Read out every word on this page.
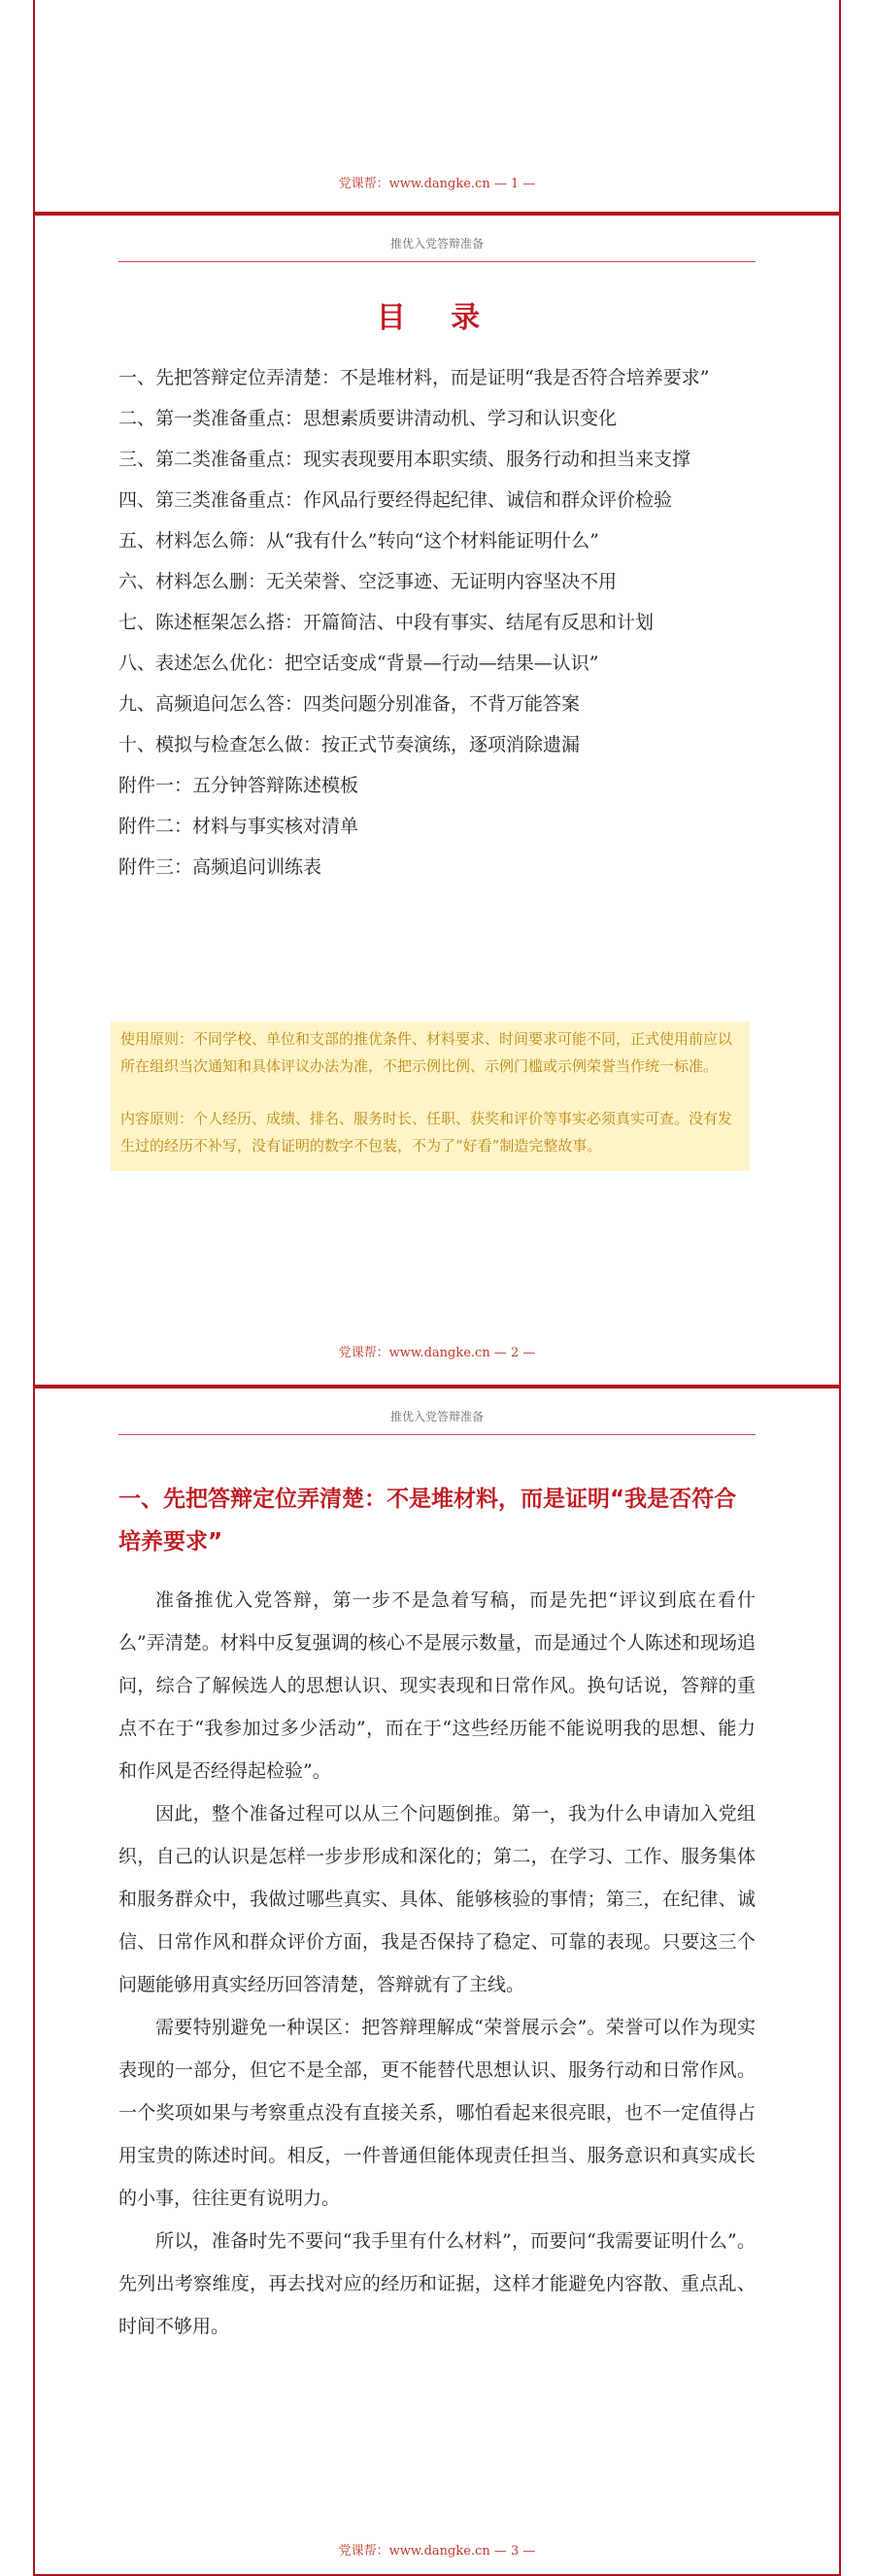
党课帮：www.dangke.cn — 1 —
推优入党答辩准备
目 录
一、先把答辩定位弄清楚：不是堆材料，而是证明“我是否符合培养要求”
二、第一类准备重点：思想素质要讲清动机、学习和认识变化
三、第二类准备重点：现实表现要用本职实绩、服务行动和担当来支撑
四、第三类准备重点：作风品行要经得起纪律、诚信和群众评价检验
五、材料怎么筛：从“我有什么”转向“这个材料能证明什么”
六、材料怎么删：无关荣誉、空泛事迹、无证明内容坚决不用
七、陈述框架怎么搭：开篇简洁、中段有事实、结尾有反思和计划
八、表述怎么优化：把空话变成“背景—行动—结果—认识”
九、高频追问怎么答：四类问题分别准备，不背万能答案
十、模拟与检查怎么做：按正式节奏演练，逐项消除遗漏
附件一：五分钟答辩陈述模板
附件二：材料与事实核对清单
附件三：高频追问训练表

使用原则：不同学校、单位和支部的推优条件、材料要求、时间要求可能不同，正式使用前应以所在组织当次通知和具体评议办法为准，不把示例比例、示例门槛或示例荣誉当作统一标准。

内容原则：个人经历、成绩、排名、服务时长、任职、获奖和评价等事实必须真实可查。没有发生过的经历不补写，没有证明的数字不包装，不为了“好看”制造完整故事。

党课帮：www.dangke.cn — 2 —
推优入党答辩准备
一、先把答辩定位弄清楚：不是堆材料，而是证明“我是否符合培养要求”

准备推优入党答辩，第一步不是急着写稿，而是先把“评议到底在看什么”弄清楚。材料中反复强调的核心不是展示数量，而是通过个人陈述和现场追问，综合了解候选人的思想认识、现实表现和日常作风。换句话说，答辩的重点不在于“我参加过多少活动”，而在于“这些经历能不能说明我的思想、能力和作风是否经得起检验”。

因此，整个准备过程可以从三个问题倒推。第一，我为什么申请加入党组织，自己的认识是怎样一步步形成和深化的；第二，在学习、工作、服务集体和服务群众中，我做过哪些真实、具体、能够核验的事情；第三，在纪律、诚信、日常作风和群众评价方面，我是否保持了稳定、可靠的表现。只要这三个问题能够用真实经历回答清楚，答辩就有了主线。

需要特别避免一种误区：把答辩理解成“荣誉展示会”。荣誉可以作为现实表现的一部分，但它不是全部，更不能替代思想认识、服务行动和日常作风。一个奖项如果与考察重点没有直接关系，哪怕看起来很亮眼，也不一定值得占用宝贵的陈述时间。相反，一件普通但能体现责任担当、服务意识和真实成长的小事，往往更有说明力。

所以，准备时先不要问“我手里有什么材料”，而要问“我需要证明什么”。先列出考察维度，再去找对应的经历和证据，这样才能避免内容散、重点乱、时间不够用。

党课帮：www.dangke.cn — 3 —
